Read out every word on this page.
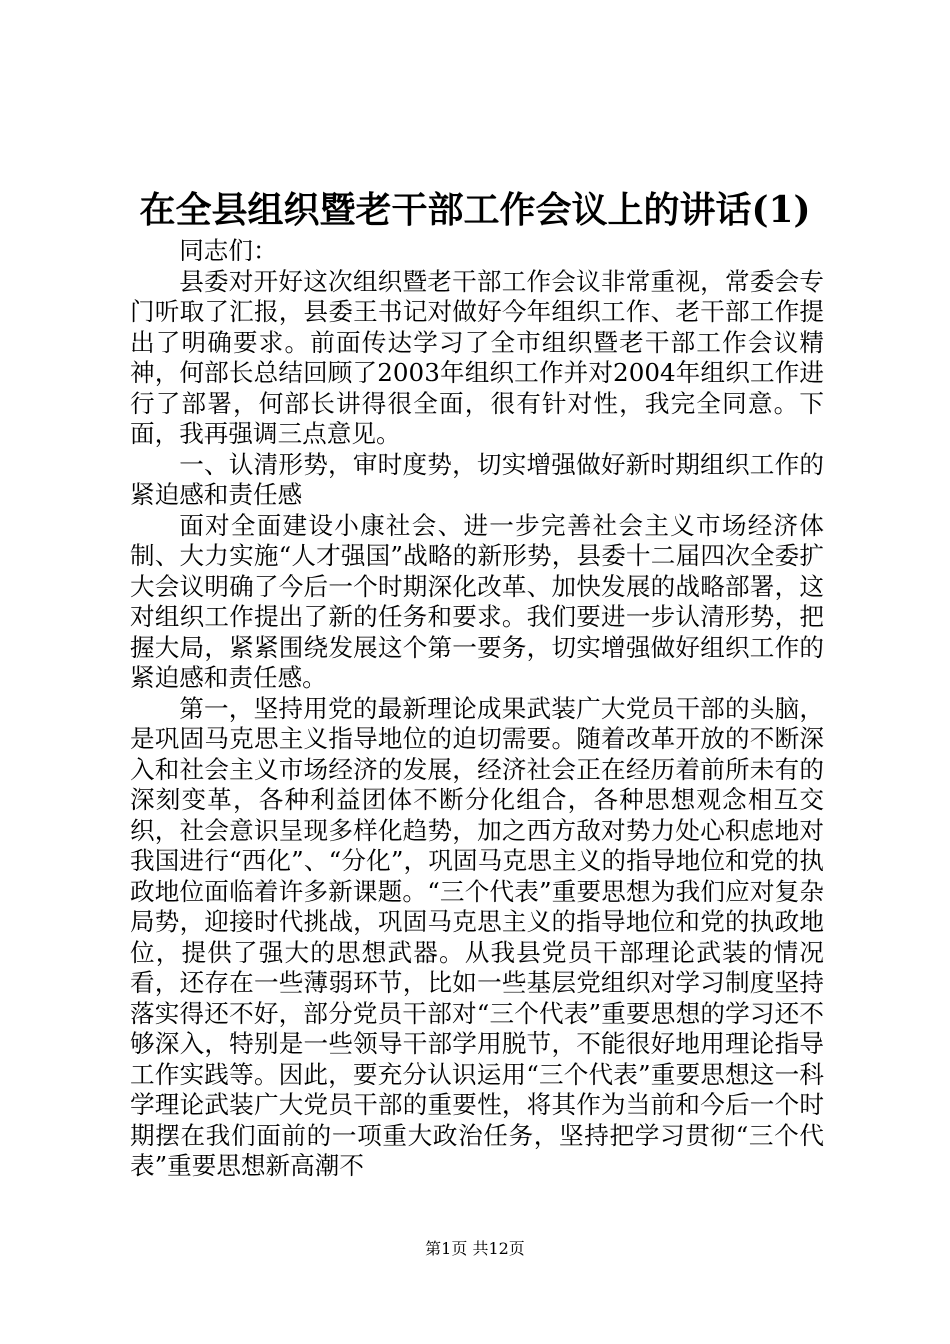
在全县组织暨老干部工作会议上的讲话(1)

同志们：

县委对开好这次组织暨老干部工作会议非常重视，常委会专门听取了汇报，县委王书记对做好今年组织工作、老干部工作提出了明确要求。前面传达学习了全市组织暨老干部工作会议精神，何部长总结回顾了2003年组织工作并对2004年组织工作进行了部署，何部长讲得很全面，很有针对性，我完全同意。下面，我再强调三点意见。

一、认清形势，审时度势，切实增强做好新时期组织工作的紧迫感和责任感

面对全面建设小康社会、进一步完善社会主义市场经济体制、大力实施“人才强国”战略的新形势，县委十二届四次全委扩大会议明确了今后一个时期深化改革、加快发展的战略部署，这对组织工作提出了新的任务和要求。我们要进一步认清形势，把握大局，紧紧围绕发展这个第一要务，切实增强做好组织工作的紧迫感和责任感。

第一，坚持用党的最新理论成果武装广大党员干部的头脑，是巩固马克思主义指导地位的迫切需要。随着改革开放的不断深入和社会主义市场经济的发展，经济社会正在经历着前所未有的深刻变革，各种利益团体不断分化组合，各种思想观念相互交织，社会意识呈现多样化趋势，加之西方敌对势力处心积虑地对我国进行“西化”、“分化”，巩固马克思主义的指导地位和党的执政地位面临着许多新课题。“三个代表”重要思想为我们应对复杂局势，迎接时代挑战，巩固马克思主义的指导地位和党的执政地位，提供了强大的思想武器。从我县党员干部理论武装的情况看，还存在一些薄弱环节，比如一些基层党组织对学习制度坚持落实得还不好，部分党员干部对“三个代表”重要思想的学习还不够深入，特别是一些领导干部学用脱节，不能很好地用理论指导工作实践等。因此，要充分认识运用“三个代表”重要思想这一科学理论武装广大党员干部的重要性，将其作为当前和今后一个时期摆在我们面前的一项重大政治任务，坚持把学习贯彻“三个代表”重要思想新高潮不

第1页 共12页
